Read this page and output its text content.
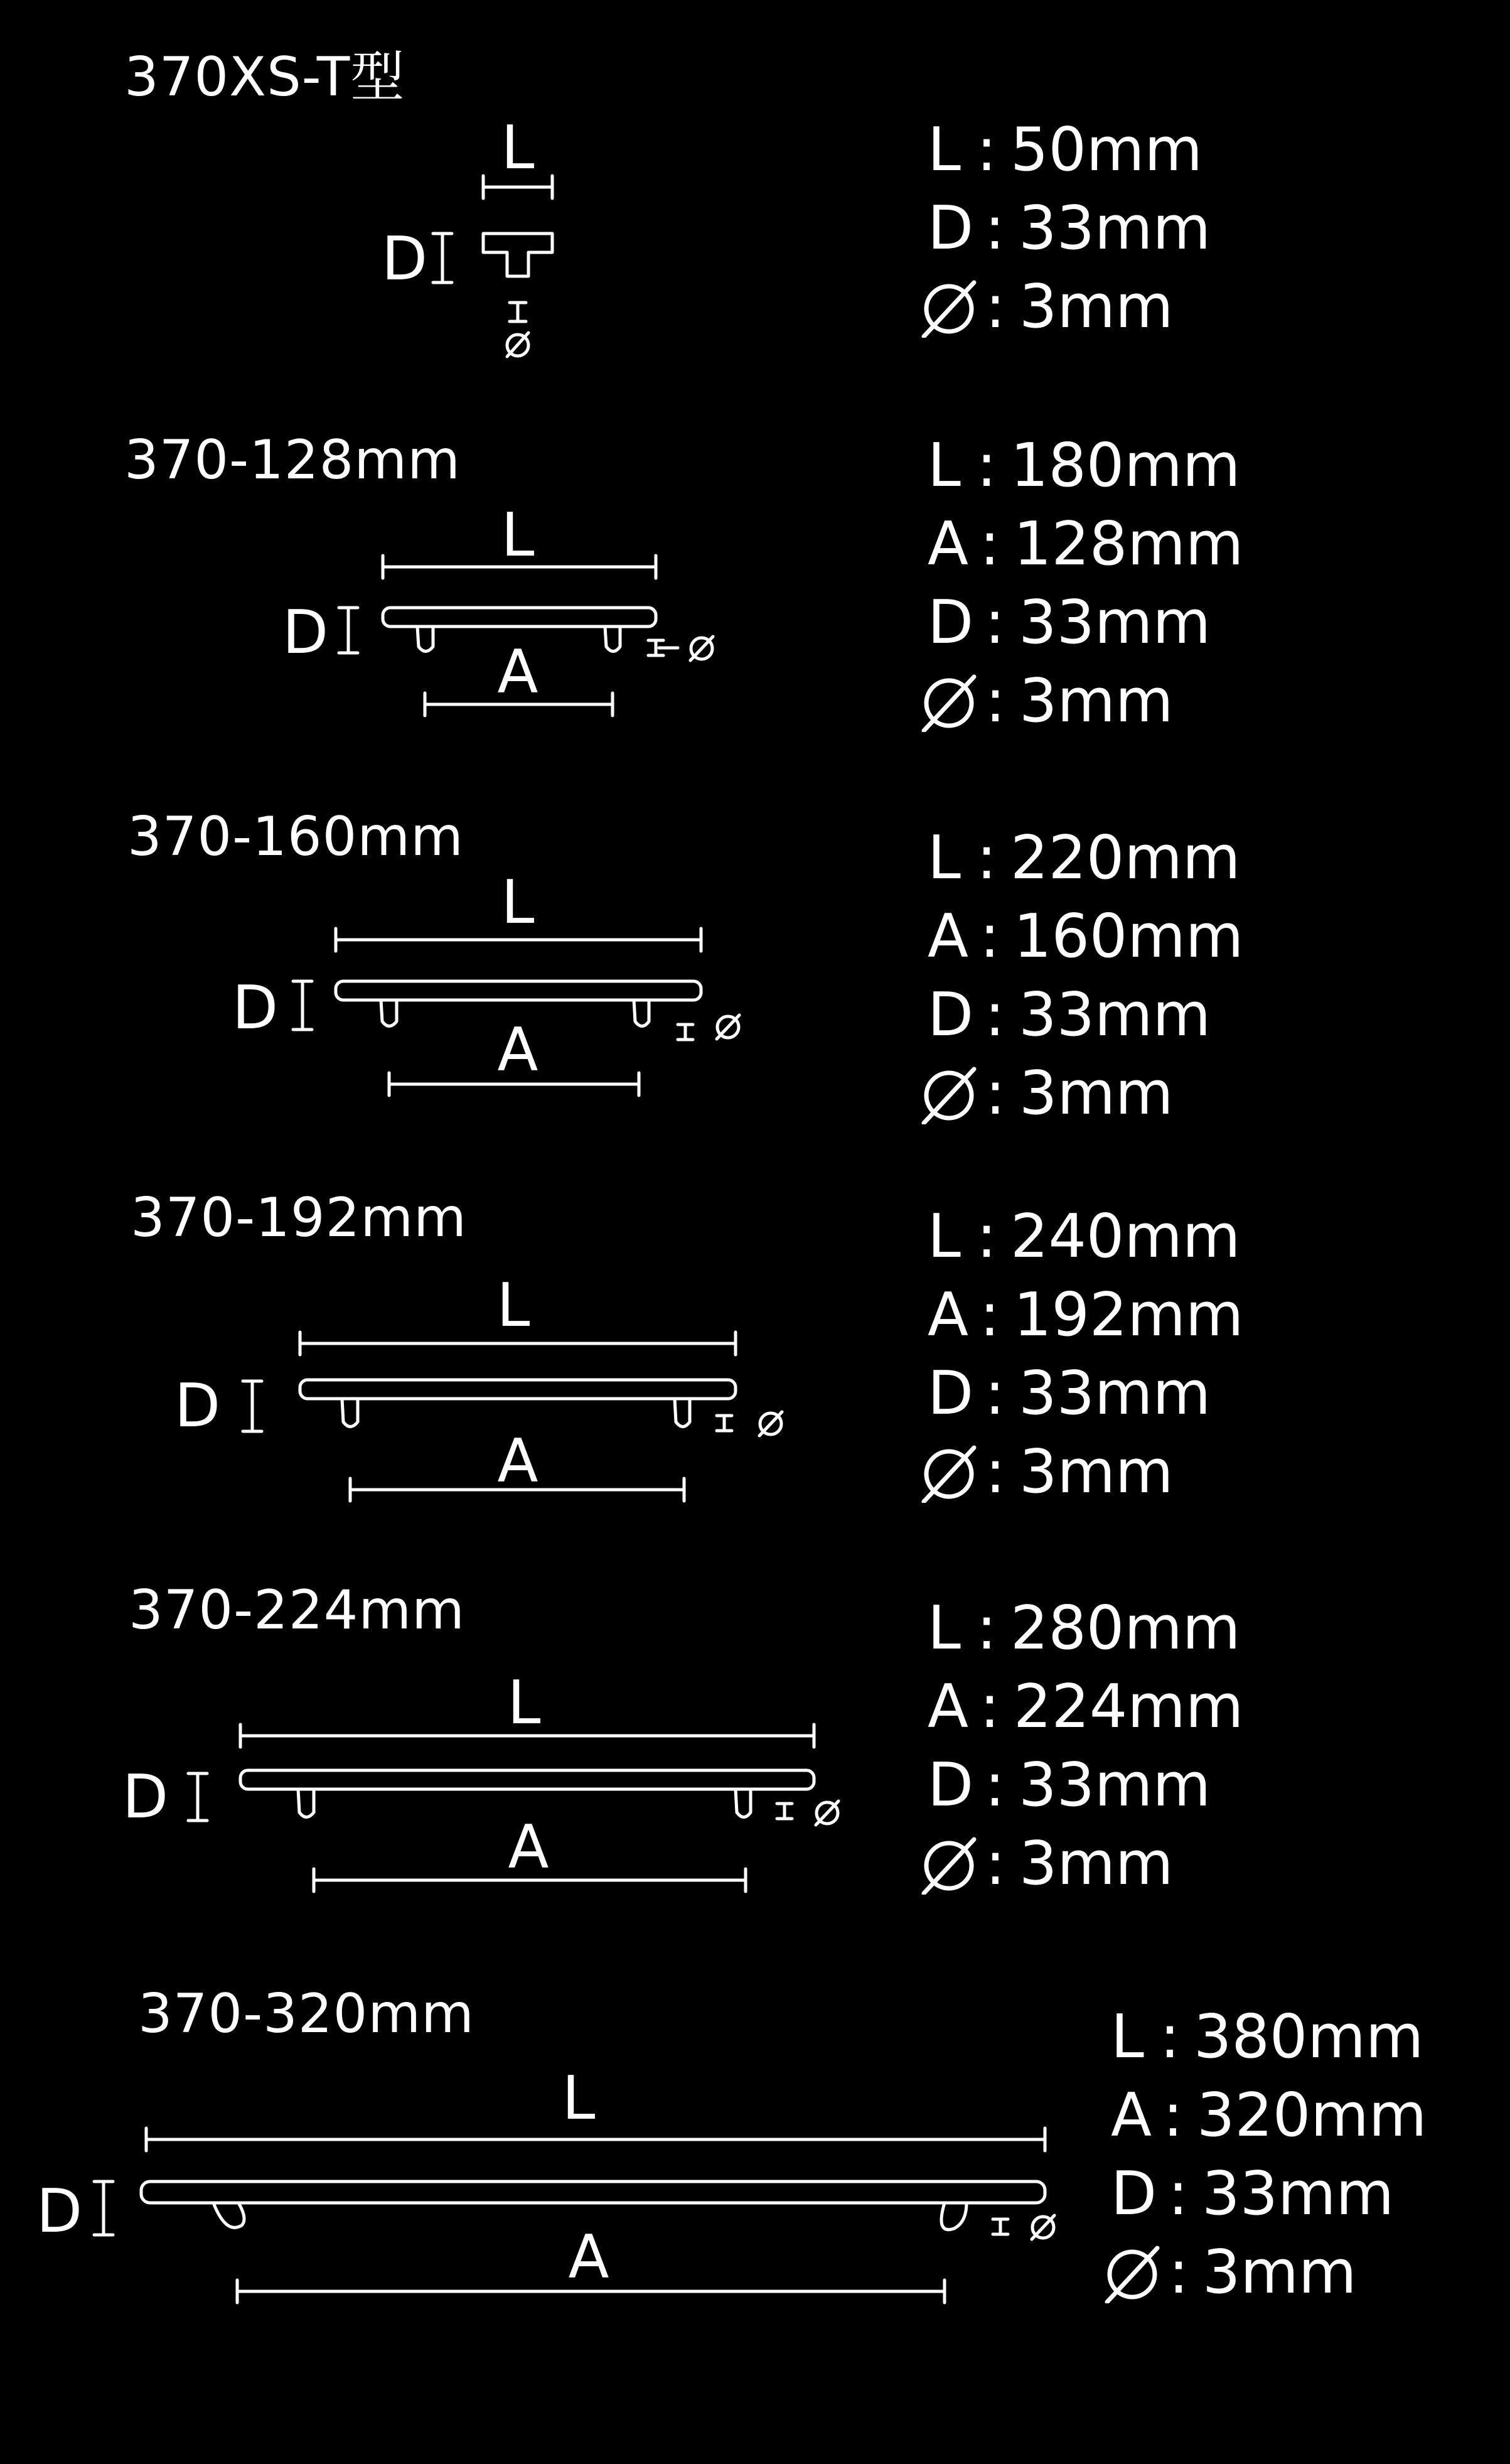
370XS-T型
370-128mm
370-160mm
370-192mm
370-224mm
370-320mm
L : 50mm
D : 33mm
: 3mm
L : 180mm
A : 128mm
D : 33mm
: 3mm
L : 220mm
A : 160mm
D : 33mm
: 3mm
L : 240mm
A : 192mm
D : 33mm
: 3mm
L : 280mm
A : 224mm
D : 33mm
: 3mm
L : 380mm
A : 320mm
D : 33mm
: 3mm
L
D
L
D
A
L
D
A
L
D
A
L
D
A
L
D
A
